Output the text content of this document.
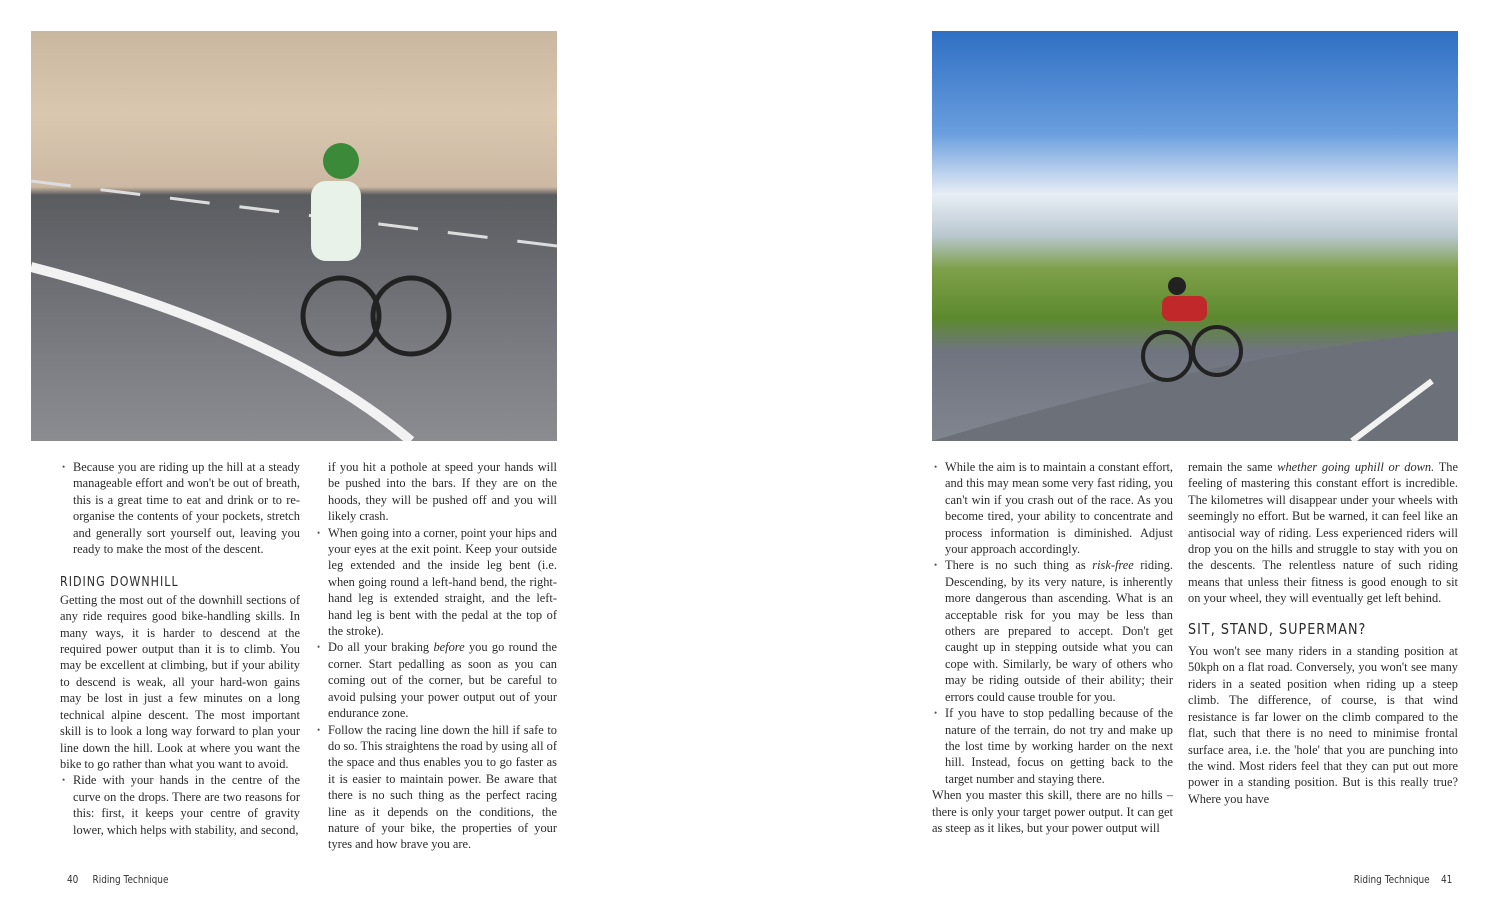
• Because you are riding up the hill at a steady manageable effort and won't be out of breath, this is a great time to eat and drink or to re-organise the contents of your pockets, stretch and generally sort yourself out, leaving you ready to make the most of the descent.
RIDING DOWNHILL

Getting the most out of the downhill sections of any ride requires good bike-handling skills. In many ways, it is harder to descend at the required power output than it is to climb. You may be excellent at climbing, but if your ability to descend is weak, all your hard-won gains may be lost in just a few minutes on a long technical alpine descent. The most important skill is to look a long way forward to plan your line down the hill. Look at where you want the bike to go rather than what you want to avoid.

• Ride with your hands in the centre of the curve on the drops. There are two reasons for this: first, it keeps your centre of gravity lower, which helps with stability, and second,
if you hit a pothole at speed your hands will be pushed into the bars. If they are on the hoods, they will be pushed off and you will likely crash.
• When going into a corner, point your hips and your eyes at the exit point. Keep your outside leg extended and the inside leg bent (i.e. when going round a left-hand bend, the right-hand leg is extended straight, and the left-hand leg is bent with the pedal at the top of the stroke).
• Do all your braking before you go round the corner. Start pedalling as soon as you can coming out of the corner, but be careful to avoid pulsing your power output out of your endurance zone.
• Follow the racing line down the hill if safe to do so. This straightens the road by using all of the space and thus enables you to go faster as it is easier to maintain power. Be aware that there is no such thing as the perfect racing line as it depends on the conditions, the nature of your bike, the properties of your tyres and how brave you are.
• While the aim is to maintain a constant effort, and this may mean some very fast riding, you can't win if you crash out of the race. As you become tired, your ability to concentrate and process information is diminished. Adjust your approach accordingly.
• There is no such thing as risk-free riding. Descending, by its very nature, is inherently more dangerous than ascending. What is an acceptable risk for you may be less than others are prepared to accept. Don't get caught up in stepping outside what you can cope with. Similarly, be wary of others who may be riding outside of their ability; their errors could cause trouble for you.
• If you have to stop pedalling because of the nature of the terrain, do not try and make up the lost time by working harder on the next hill. Instead, focus on getting back to the target number and staying there.

When you master this skill, there are no hills – there is only your target power output. It can get as steep as it likes, but your power output will

remain the same whether going uphill or down. The feeling of mastering this constant effort is incredible. The kilometres will disappear under your wheels with seemingly no effort. But be warned, it can feel like an antisocial way of riding. Less experienced riders will drop you on the hills and struggle to stay with you on the descents. The relentless nature of such riding means that unless their fitness is good enough to sit on your wheel, they will eventually get left behind.

SIT, STAND, SUPERMAN?

You won't see many riders in a standing position at 50kph on a flat road. Conversely, you won't see many riders in a seated position when riding up a steep climb. The difference, of course, is that wind resistance is far lower on the climb compared to the flat, such that there is no need to minimise frontal surface area, i.e. the 'hole' that you are punching into the wind. Most riders feel that they can put out more power in a standing position. But is this really true? Where you have

40 Riding Technique	Riding Technique 41
